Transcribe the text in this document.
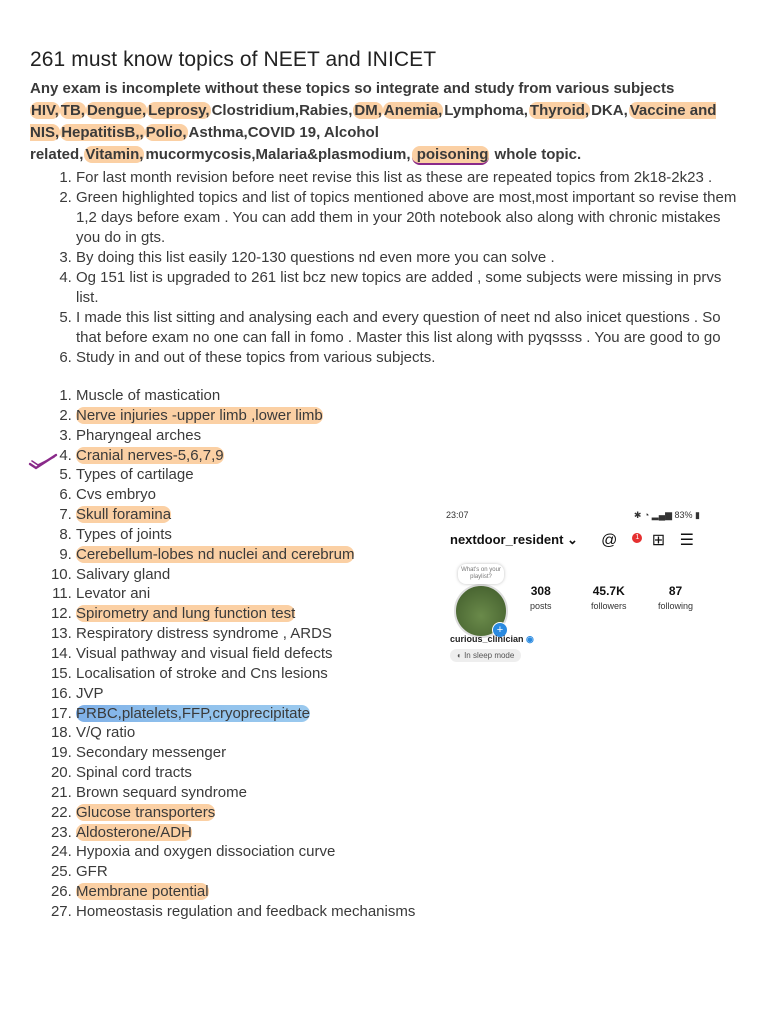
261 must know topics of NEET and INICET

Any exam is incomplete without these topics so integrate and study from various subjects

HIV, TB, Dengue, Leprosy, Clostridium,Rabies, DM, Anemia, Lymphoma, Thyroid, DKA, Vaccine and NIS, HepatitisB,, Polio, Asthma,COVID 19, Alcohol related, Vitamin, mucormycosis,Malaria&plasmodium, poisoning whole topic.

1. For last month revision before neet revise this list as these are repeated topics from 2k18-2k23 .
2. Green highlighted topics and list of topics mentioned above are most,most important so revise them 1,2 days before exam . You can add them in your 20th notebook also along with chronic mistakes you do in gts.
3. By doing this list easily 120-130 questions nd even more you can solve .
4. Og 151 list is upgraded to 261 list bcz new topics are added , some subjects were missing in prvs list.
5. I made this list sitting and analysing each and every question of neet nd also inicet questions . So that before exam no one can fall in fomo . Master this list along with pyqssss . You are good to go
6. Study in and out of these topics from various subjects.
1. Muscle of mastication
2. Nerve injuries -upper limb ,lower limb
3. Pharyngeal arches
4. Cranial nerves-5,6,7,9
5. Types of cartilage
6. Cvs embryo
7. Skull foramina
8. Types of joints
9. Cerebellum-lobes nd nuclei and cerebrum
10. Salivary gland
11. Levator ani
12. Spirometry and lung function test
13. Respiratory distress syndrome , ARDS
14. Visual pathway and visual field defects
15. Localisation of stroke and Cns lesions
16. JVP
17. PRBC,platelets,FFP,cryoprecipitate
18. V/Q ratio
19. Secondary messenger
20. Spinal cord tracts
21. Brown sequard syndrome
22. Glucose transporters
23. Aldosterone/ADH
24. Hypoxia and oxygen dissociation curve
25. GFR
26. Membrane potential
27. Homeostasis regulation and feedback mechanisms
23:07	✱ ◔ ▂▄▆ 83% ▮
nextdoor_resident ⌄	@	1 ⊞ ☰
+
What's on your playlist?
308
posts
45.7K
followers
87
following
curious_clinician ◉
◐ In sleep mode
